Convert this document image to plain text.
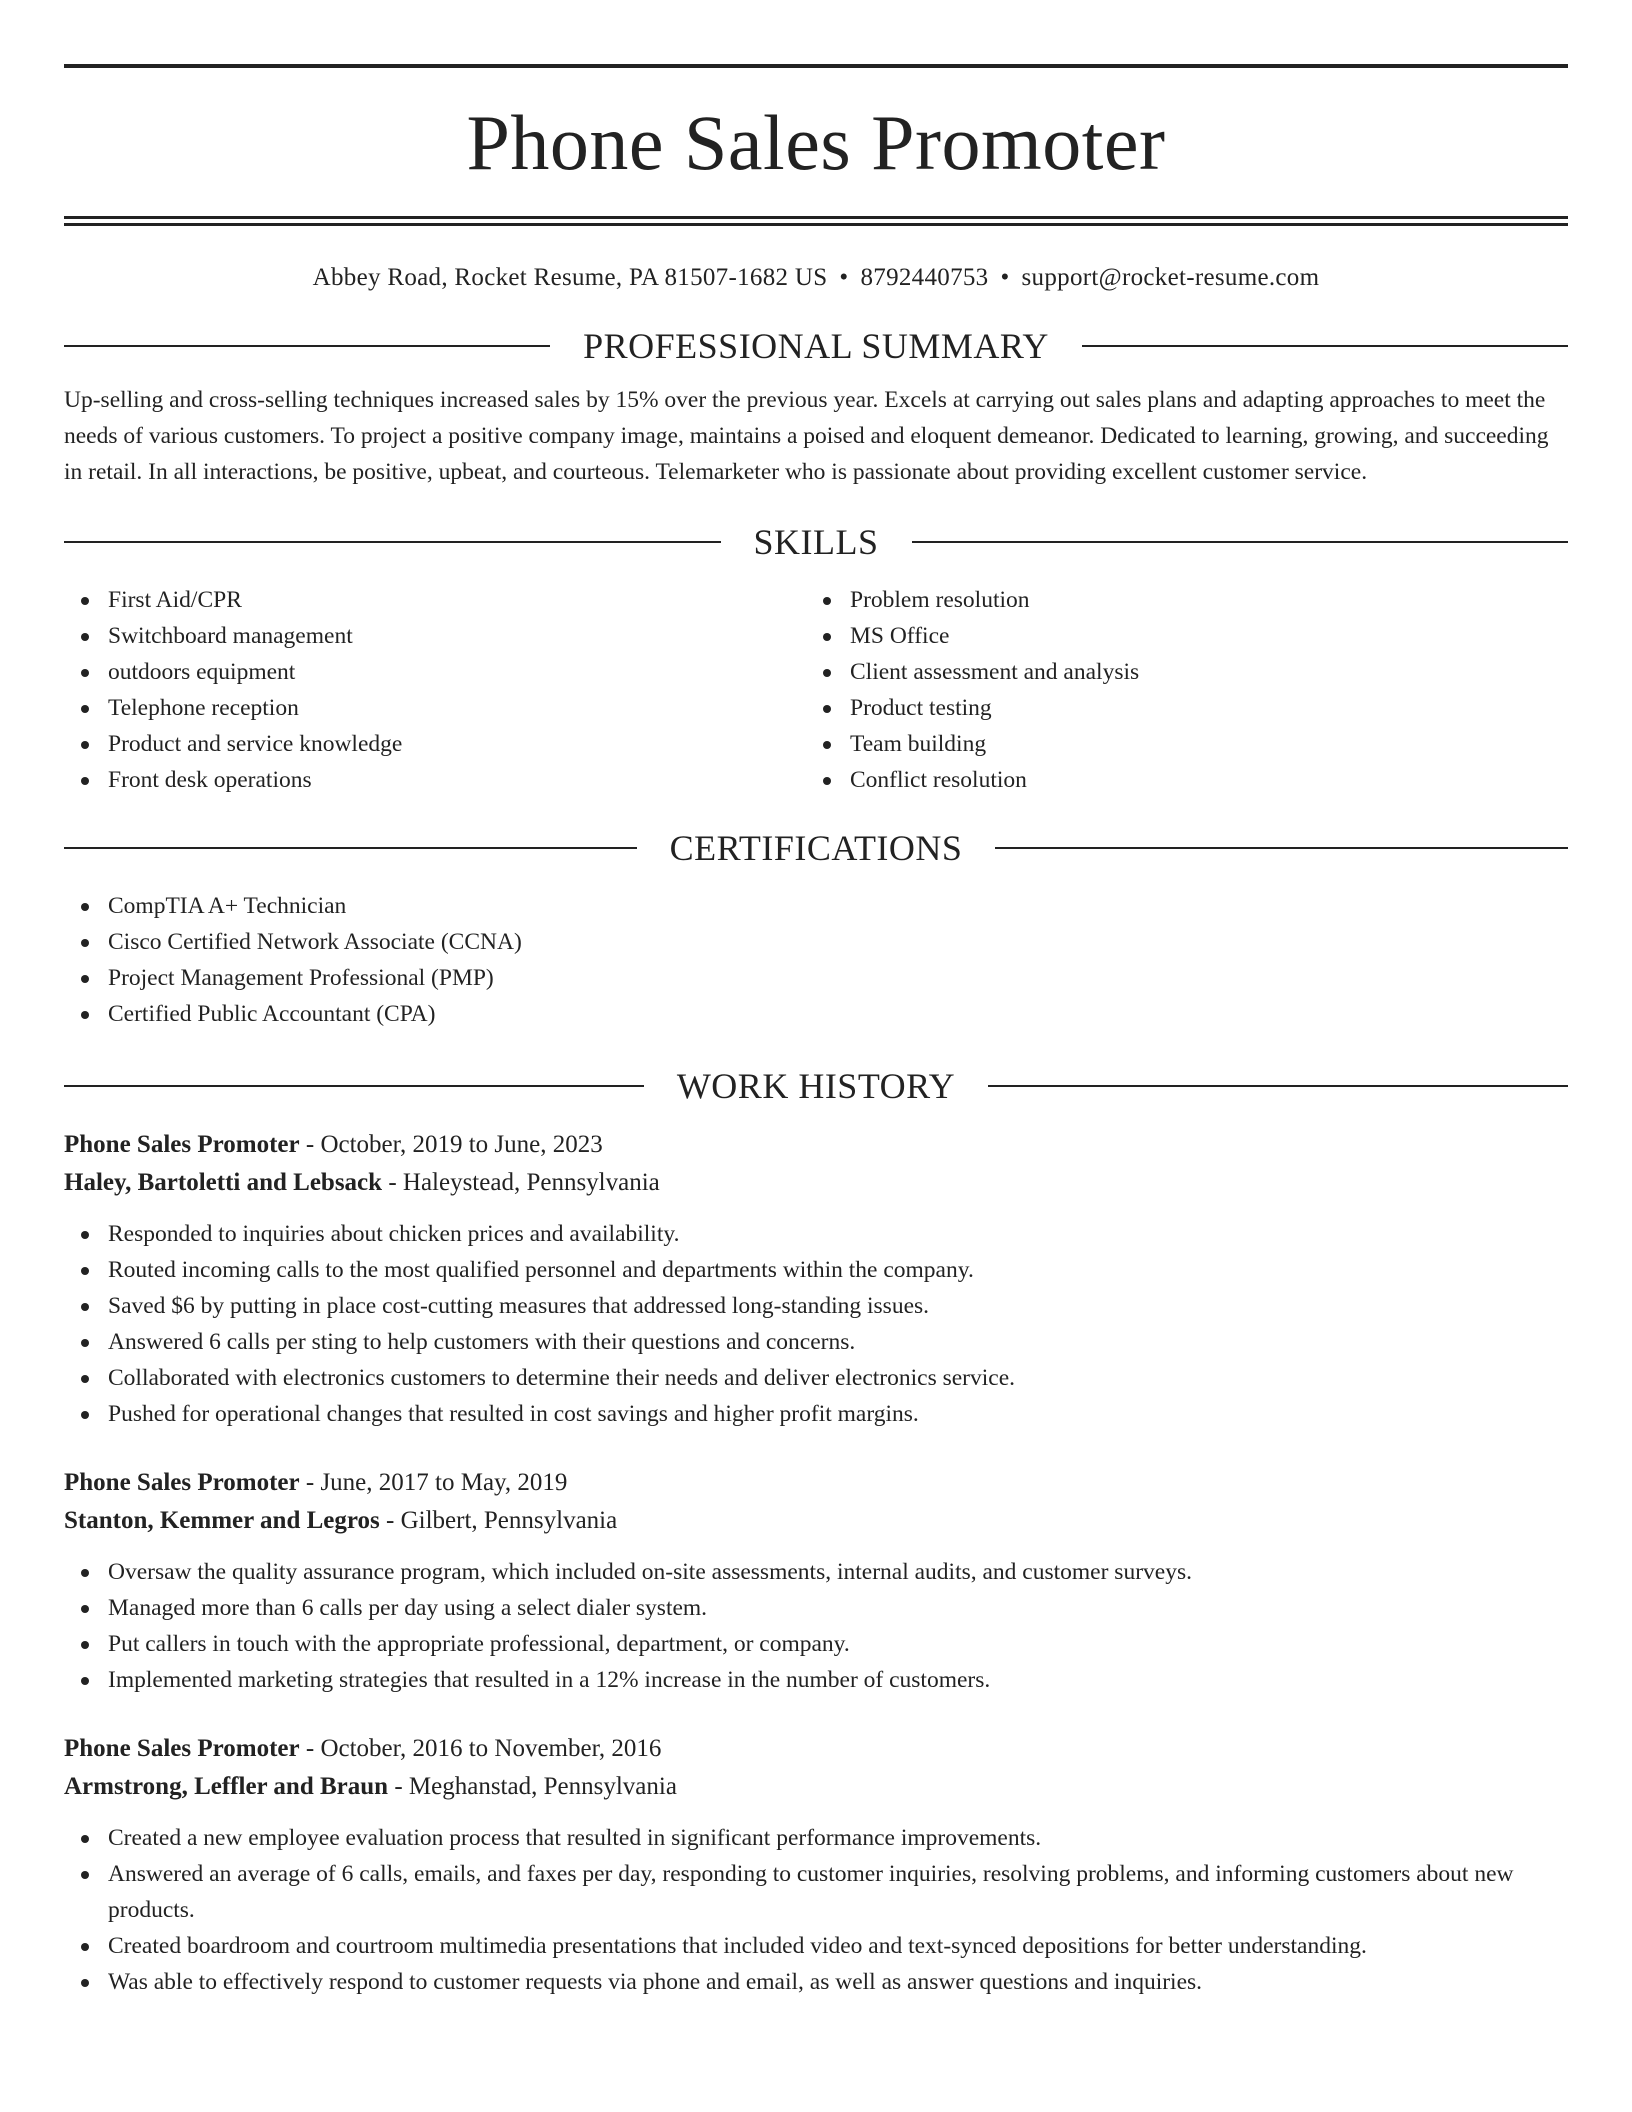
Phone Sales Promoter
Abbey Road, Rocket Resume, PA 81507-1682 US • 8792440753 • support@rocket-resume.com
PROFESSIONAL SUMMARY

Up-selling and cross-selling techniques increased sales by 15% over the previous year. Excels at carrying out sales plans and adapting approaches to meet the needs of various customers. To project a positive company image, maintains a poised and eloquent demeanor. Dedicated to learning, growing, and succeeding in retail. In all interactions, be positive, upbeat, and courteous. Telemarketer who is passionate about providing excellent customer service.

SKILLS
First Aid/CPR
Switchboard management
outdoors equipment
Telephone reception
Product and service knowledge
Front desk operations
Problem resolution
MS Office
Client assessment and analysis
Product testing
Team building
Conflict resolution
CERTIFICATIONS
CompTIA A+ Technician
Cisco Certified Network Associate (CCNA)
Project Management Professional (PMP)
Certified Public Accountant (CPA)
WORK HISTORY
Phone Sales Promoter - October, 2019 to June, 2023
Haley, Bartoletti and Lebsack - Haleystead, Pennsylvania
Responded to inquiries about chicken prices and availability.
Routed incoming calls to the most qualified personnel and departments within the company.
Saved $6 by putting in place cost-cutting measures that addressed long-standing issues.
Answered 6 calls per sting to help customers with their questions and concerns.
Collaborated with electronics customers to determine their needs and deliver electronics service.
Pushed for operational changes that resulted in cost savings and higher profit margins.
Phone Sales Promoter - June, 2017 to May, 2019
Stanton, Kemmer and Legros - Gilbert, Pennsylvania
Oversaw the quality assurance program, which included on-site assessments, internal audits, and customer surveys.
Managed more than 6 calls per day using a select dialer system.
Put callers in touch with the appropriate professional, department, or company.
Implemented marketing strategies that resulted in a 12% increase in the number of customers.
Phone Sales Promoter - October, 2016 to November, 2016
Armstrong, Leffler and Braun - Meghanstad, Pennsylvania
Created a new employee evaluation process that resulted in significant performance improvements.
Answered an average of 6 calls, emails, and faxes per day, responding to customer inquiries, resolving problems, and informing customers about new products.
Created boardroom and courtroom multimedia presentations that included video and text-synced depositions for better understanding.
Was able to effectively respond to customer requests via phone and email, as well as answer questions and inquiries.
